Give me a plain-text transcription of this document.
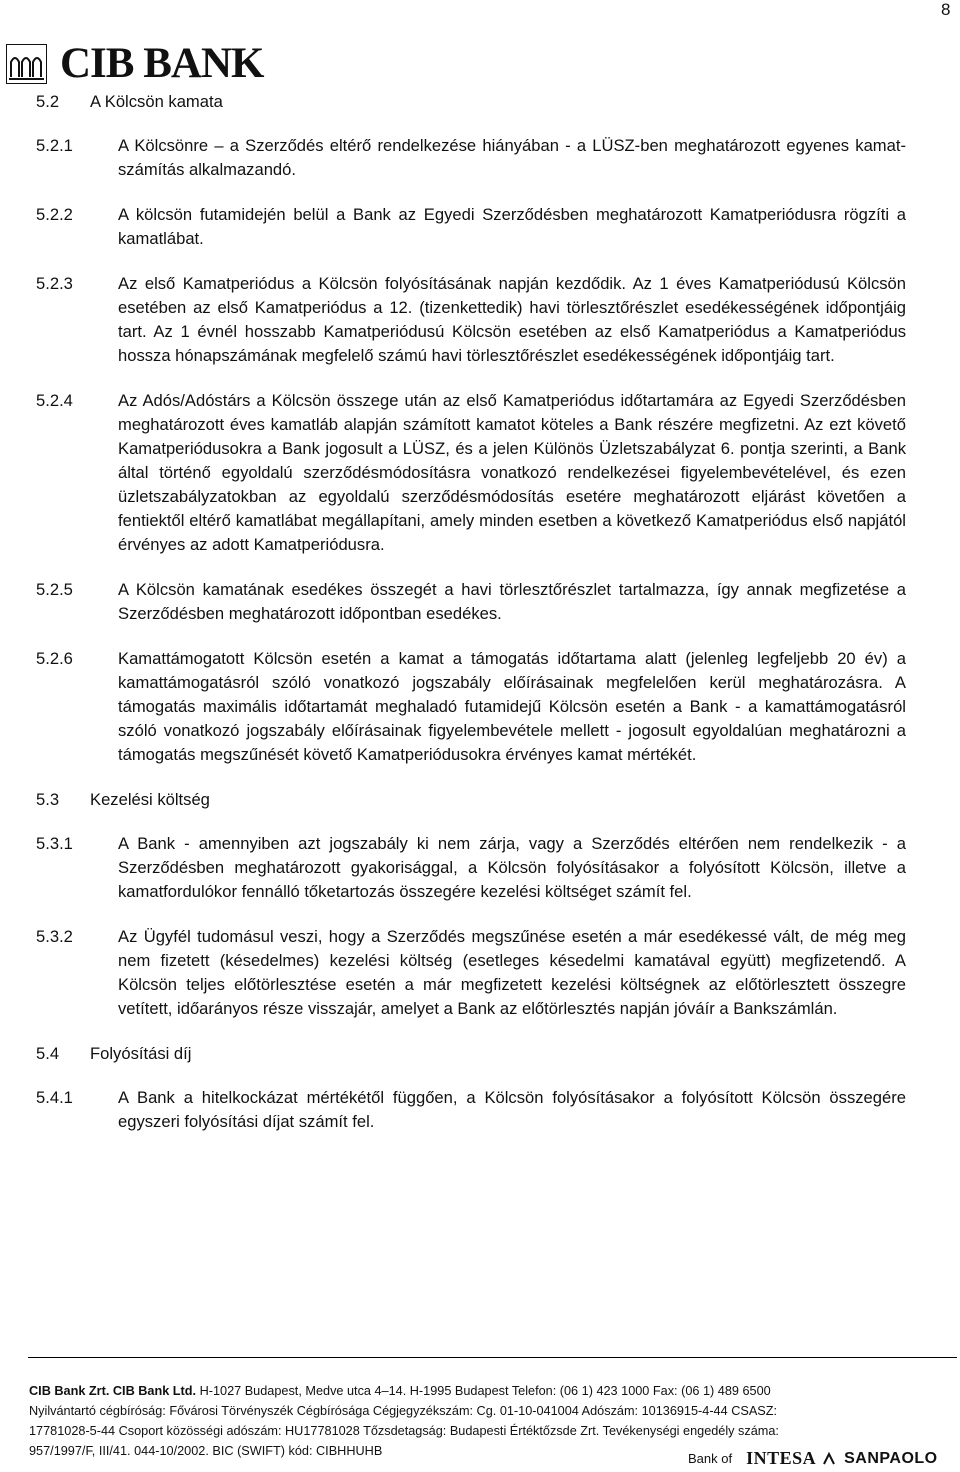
8
CIB BANK
5.2	A Kölcsön kamata
5.2.1	A Kölcsönre – a Szerződés eltérő rendelkezése hiányában - a LÜSZ-ben meghatározott egyenes kamat-számítás alkalmazandó.

5.2.2	A kölcsön futamidején belül a Bank az Egyedi Szerződésben meghatározott Kamatperiódusra rögzíti a kamatlábat.

5.2.3	Az első Kamatperiódus a Kölcsön folyósításának napján kezdődik. Az 1 éves Kamatperiódusú Kölcsön esetében az első Kamatperiódus a 12. (tizenkettedik) havi törlesztőrészlet esedékességének időpontjáig tart. Az 1 évnél hosszabb Kamatperiódusú Kölcsön esetében az első Kamatperiódus a Kamatperiódus hossza hónapszámának megfelelő számú havi törlesztőrészlet esedékességének időpontjáig tart.

5.2.4	Az Adós/Adóstárs a Kölcsön összege után az első Kamatperiódus időtartamára az Egyedi Szerződésben meghatározott éves kamatláb alapján számított kamatot köteles a Bank részére megfizetni. Az ezt követő Kamatperiódusokra a Bank jogosult a LÜSZ, és a jelen Különös Üzletszabályzat 6. pontja szerinti, a Bank által történő egyoldalú szerződésmódosításra vonatkozó rendelkezései figyelembevételével, és ezen üzletszabályzatokban az egyoldalú szerződésmódosítás esetére meghatározott eljárást követően a fentiektől eltérő kamatlábat megállapítani, amely minden esetben a következő Kamatperiódus első napjától érvényes az adott Kamatperiódusra.

5.2.5	A Kölcsön kamatának esedékes összegét a havi törlesztőrészlet tartalmazza, így annak megfizetése a Szerződésben meghatározott időpontban esedékes.

5.2.6	Kamattámogatott Kölcsön esetén a kamat a támogatás időtartama alatt (jelenleg legfeljebb 20 év) a kamattámogatásról szóló vonatkozó jogszabály előírásainak megfelelően kerül meghatározásra. A támogatás maximális időtartamát meghaladó futamidejű Kölcsön esetén a Bank - a kamattámogatásról szóló vonatkozó jogszabály előírásainak figyelembevétele mellett - jogosult egyoldalúan meghatározni a támogatás megszűnését követő Kamatperiódusokra érvényes kamat mértékét.

5.3	Kezelési költség
5.3.1	A Bank - amennyiben azt jogszabály ki nem zárja, vagy a Szerződés eltérően nem rendelkezik - a Szerződésben meghatározott gyakorisággal, a Kölcsön folyósításakor a folyósított Kölcsön, illetve a kamatfordulókor fennálló tőketartozás összegére kezelési költséget számít fel.

5.3.2	Az Ügyfél tudomásul veszi, hogy a Szerződés megszűnése esetén a már esedékessé vált, de még meg nem fizetett (késedelmes) kezelési költség (esetleges késedelmi kamatával együtt) megfizetendő. A Kölcsön teljes előtörlesztése esetén a már megfizetett kezelési költségnek az előtörlesztett összegre vetített, időarányos része visszajár, amelyet a Bank az előtörlesztés napján jóváír a Bankszámlán.

5.4	Folyósítási díj
5.4.1	A Bank a hitelkockázat mértékétől függően, a Kölcsön folyósításakor a folyósított Kölcsön összegére egyszeri folyósítási díjat számít fel.

CIB Bank Zrt. CIB Bank Ltd. H-1027 Budapest, Medve utca 4–14. H-1995 Budapest Telefon: (06 1) 423 1000 Fax: (06 1) 489 6500
Nyilvántartó cégbíróság: Fővárosi Törvényszék Cégbírósága Cégjegyzékszám: Cg. 01-10-041004 Adószám: 10136915-4-44 CSASZ:
17781028-5-44 Csoport közösségi adószám: HU17781028 Tőzsdetagság: Budapesti Értéktőzsde Zrt. Tevékenységi engedély száma:
957/1997/F, III/41. 044-10/2002. BIC (SWIFT) kód: CIBHHUHB	Bank of INTESA SANPAOLO
